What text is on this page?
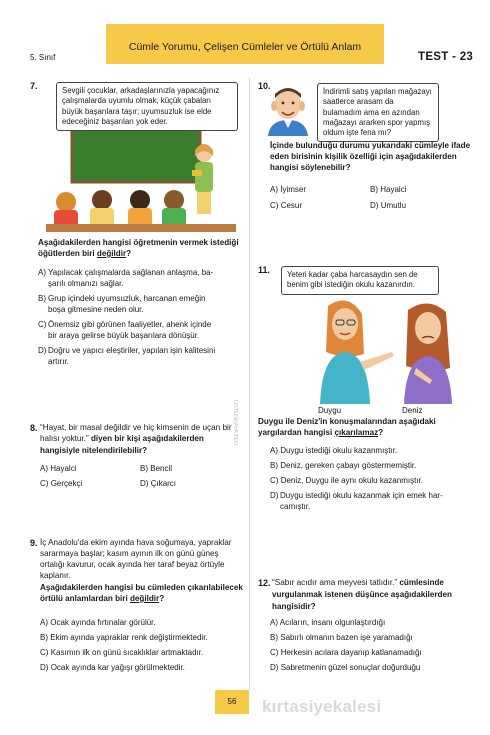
Cümle Yorumu, Çelişen Cümleler ve Örtülü Anlam
5. Sınıf	TEST - 23
ÜSTÜNKAYA TEO
7.	Sevgili çocuklar, arkadaşlarınızla yapacağınız çalışmalarda uyumlu olmak, küçük çabaları büyük başarılara taşır; uyumsuzluk ise elde edeceğiniz başarıları yok eder.
Aşağıdakilerden hangisi öğretmenin vermek istediği öğütlerden biri değildir?
A) Yapılacak çalışmalarda sağlanan anlaşma, ba-
şarılı olmanızı sağlar.
B) Grup içindeki uyumsuzluk, harcanan emeğin
boşa gitmesine neden olur.
C) Önemsiz gibi görünen faaliyetler, ahenk içinde
bir araya gelirse büyük başarılara dönüşür.
D) Doğru ve yapıcı eleştiriler, yapılan işin kalitesini
artırır.
8. “Hayat, bir masal değildir ve hiç kimsenin de uçan bir halısı yoktur.” diyen bir kişi aşağıdakilerden hangisiyle nitelendirilebilir?
A) Hayalci	B) Bencil
C) Gerçekçi	D) Çıkarcı
9. İç Anadolu'da ekim ayında hava soğumaya, yapraklar sararmaya başlar; kasım ayının ilk on günü güneş ortalığı kavurur, ocak ayında her taraf beyaz örtüyle kaplanır.
Aşağıdakilerden hangisi bu cümleden çıkarılabilecek örtülü anlamlardan biri değildir?
A) Ocak ayında fırtınalar görülür.
B) Ekim ayında yapraklar renk değiştirmektedir.
C) Kasımın ilk on günü sıcaklıklar artmaktadır.
D) Ocak ayında kar yağışı görülmektedir.
10.
İndirimli satış yapılan mağazayı saatlerce arasam da bulamadım ama en azından mağazayı ararken spor yapmış oldum işte fena mı?
İçinde bulunduğu durumu yukarıdaki cümleyle ifade eden birisinin kişilik özelliği için aşağıdakilerden hangisi söylenebilir?
A) İyimser	B) Hayalci
C) Cesur	D) Umutlu
11.	Yeteri kadar çaba harcasaydın sen de benim gibi istediğin okulu kazanırdın.
Duygu	Deniz
Duygu ile Deniz'in konuşmalarından aşağıdaki yargılardan hangisi çıkarılamaz?
A) Duygu istediği okulu kazanmıştır.
B) Deniz, gereken çabayı göstermemiştir.
C) Deniz, Duygu ile aynı okulu kazanmıştır.
D) Duygu istediği okulu kazanmak için emek har-
camıştır.
12. “Sabır acıdır ama meyvesi tatlıdır.” cümlesinde vurgulanmak istenen düşünce aşağıdakilerden hangisidir?
A) Acıların, insanı olgunlaştırdığı
B) Sabırlı olmanın bazen işe yaramadığı
C) Herkesin acılara dayanıp katlanamadığı
D) Sabretmenin güzel sonuçlar doğurduğu
56	kırtasiyekalesi
